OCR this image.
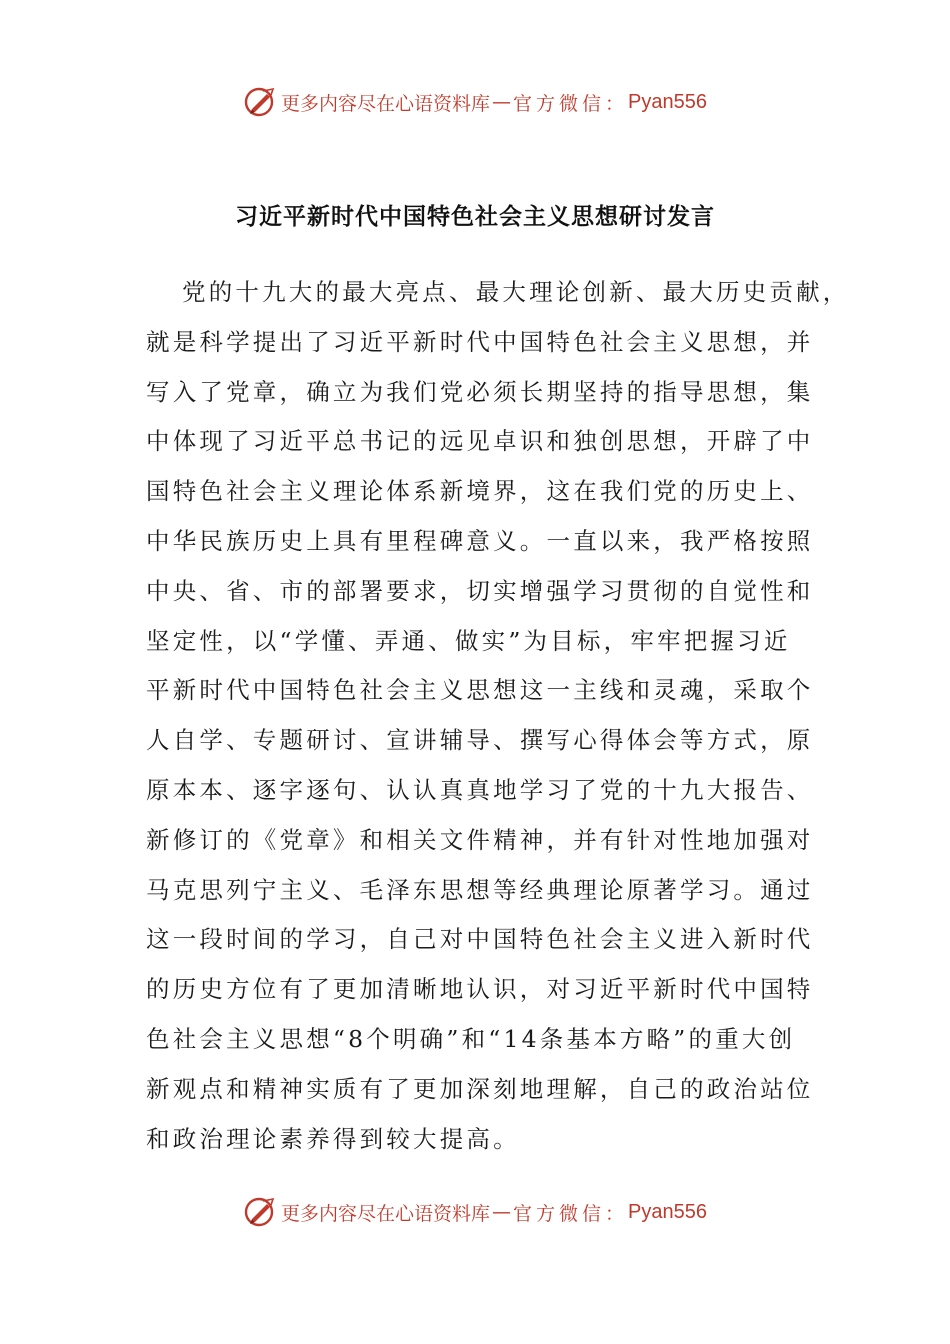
更多内容尽在心语资料库 — 官方微信： Pyan556
习近平新时代中国特色社会主义思想研讨发言
党的十九大的最大亮点、最大理论创新、最大历史贡献，
就是科学提出了习近平新时代中国特色社会主义思想，并
写入了党章，确立为我们党必须长期坚持的指导思想，集
中体现了习近平总书记的远见卓识和独创思想，开辟了中
国特色社会主义理论体系新境界，这在我们党的历史上、
中华民族历史上具有里程碑意义。一直以来，我严格按照
中央、省、市的部署要求，切实增强学习贯彻的自觉性和
坚定性，以“学懂、弄通、做实”为目标，牢牢把握习近
平新时代中国特色社会主义思想这一主线和灵魂，采取个
人自学、专题研讨、宣讲辅导、撰写心得体会等方式，原
原本本、逐字逐句、认认真真地学习了党的十九大报告、
新修订的《党章》和相关文件精神，并有针对性地加强对
马克思列宁主义、毛泽东思想等经典理论原著学习。通过
这一段时间的学习，自己对中国特色社会主义进入新时代
的历史方位有了更加清晰地认识，对习近平新时代中国特
色社会主义思想“8个明确”和“14条基本方略”的重大创
新观点和精神实质有了更加深刻地理解，自己的政治站位
和政治理论素养得到较大提高。
更多内容尽在心语资料库 — 官方微信： Pyan556
